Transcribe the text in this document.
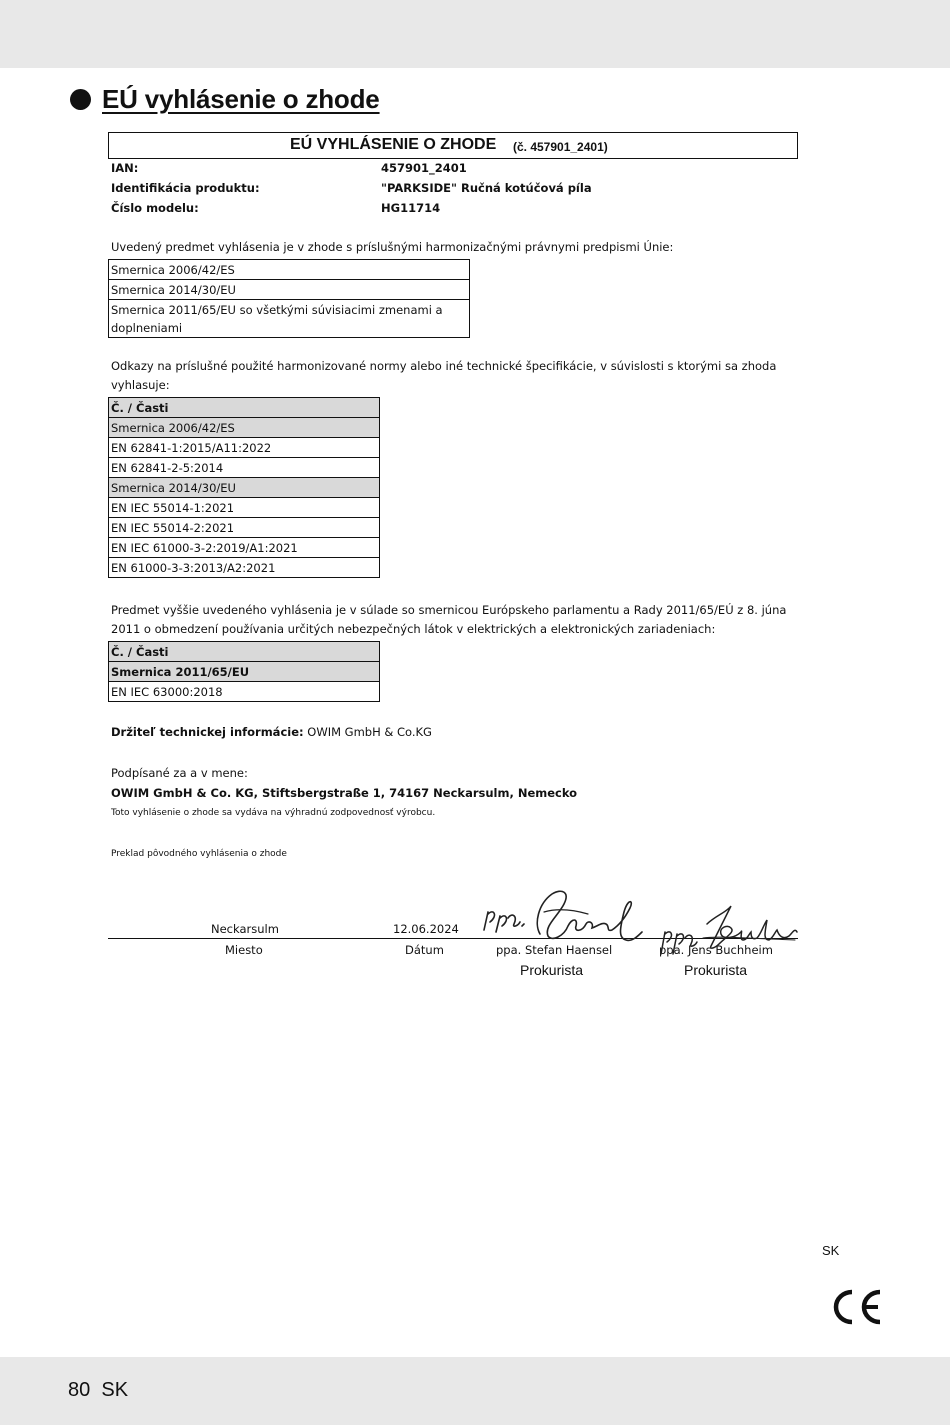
EÚ vyhlásenie o zhode
EÚ VYHLÁSENIE O ZHODE (č. 457901_2401)
IAN:	457901_2401
Identifikácia produktu:	"PARKSIDE" Ručná kotúčová píla
Číslo modelu:	HG11714
Uvedený predmet vyhlásenia je v zhode s príslušnými harmonizačnými právnymi predpismi Únie:
Smernica 2006/42/ES
Smernica 2014/30/EU
Smernica 2011/65/EU so všetkými súvisiacimi zmenami a doplneniami
Odkazy na príslušné použité harmonizované normy alebo iné technické špecifikácie, v súvislosti s ktorými sa zhoda
vyhlasuje:
Č. / Časti
Smernica 2006/42/ES
EN 62841-1:2015/A11:2022
EN 62841-2-5:2014
Smernica 2014/30/EU
EN IEC 55014-1:2021
EN IEC 55014-2:2021
EN IEC 61000-3-2:2019/A1:2021
EN 61000-3-3:2013/A2:2021
Predmet vyššie uvedeného vyhlásenia je v súlade so smernicou Európskeho parlamentu a Rady 2011/65/EÚ z 8. júna
2011 o obmedzení používania určitých nebezpečných látok v elektrických a elektronických zariadeniach:
Č. / Časti
Smernica 2011/65/EU
EN IEC 63000:2018
Držiteľ technickej informácie: OWIM GmbH & Co.KG
Podpísané za a v mene:
OWIM GmbH & Co. KG, Stiftsbergstraße 1, 74167 Neckarsulm, Nemecko
Toto vyhlásenie o zhode sa vydáva na výhradnú zodpovednosť výrobcu.
Preklad pôvodného vyhlásenia o zhode
Neckarsulm	12.06.2024
Miesto	Dátum	ppa. Stefan Haensel	ppa. Jens Buchheim
Prokurista	Prokurista
SK
80 SK
